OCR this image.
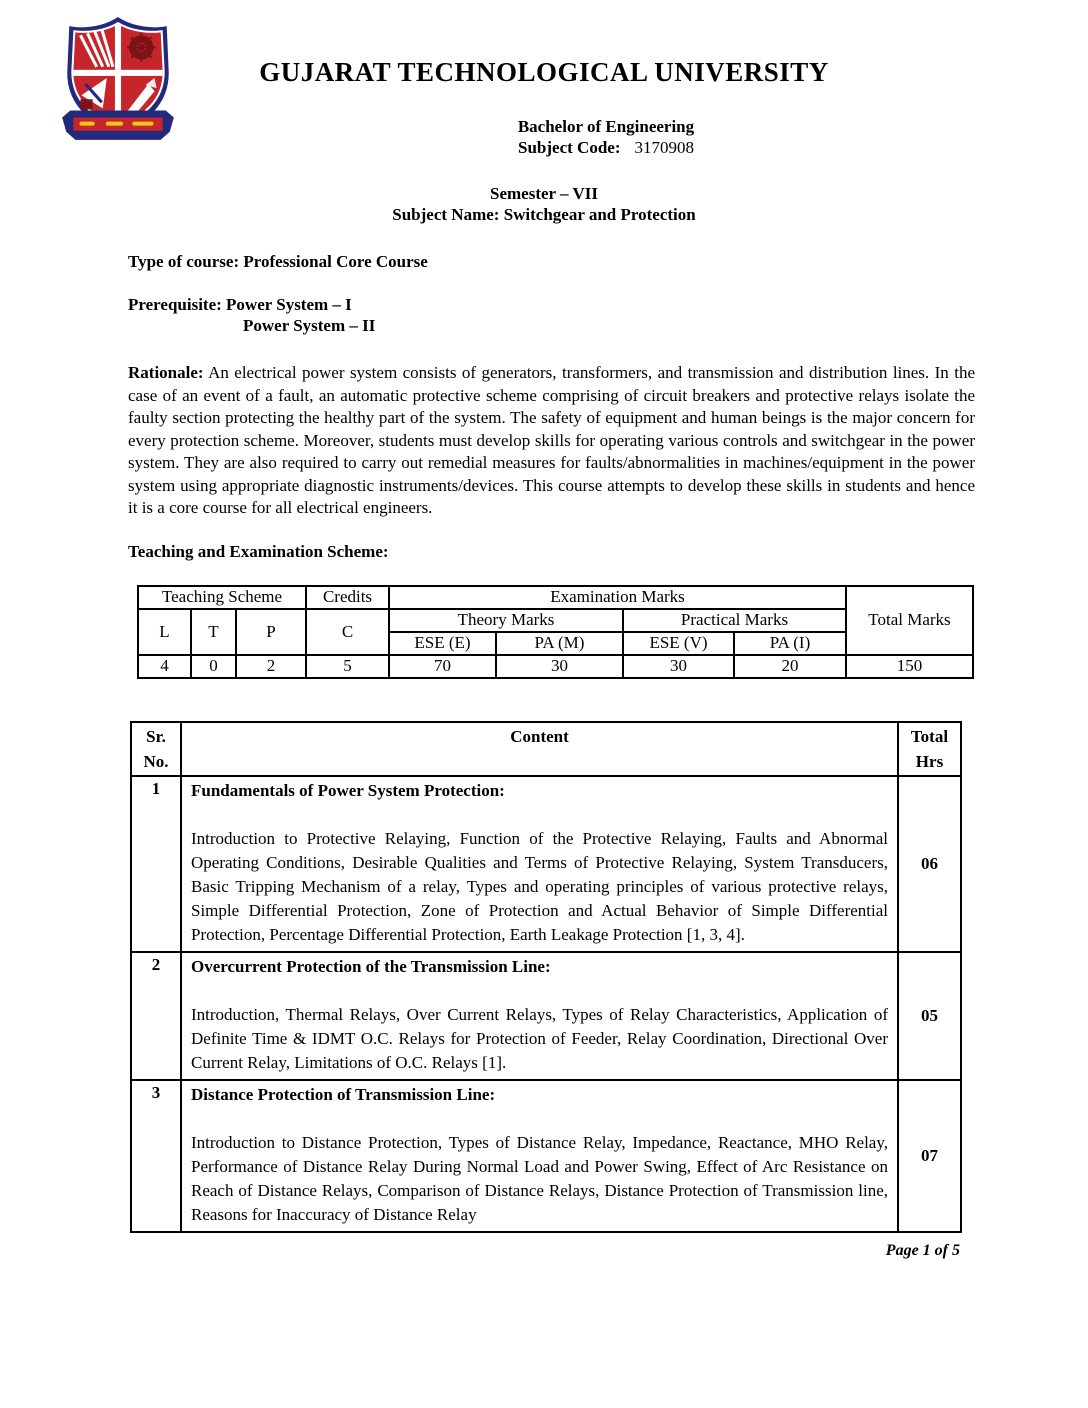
GUJARAT TECHNOLOGICAL UNIVERSITY
Bachelor of Engineering
Subject Code: 3170908
Semester – VII
Subject Name: Switchgear and Protection
Type of course: Professional Core Course
Prerequisite: Power System – I
Power System – II

Rationale: An electrical power system consists of generators, transformers, and transmission and distribution lines. In the case of an event of a fault, an automatic protective scheme comprising of circuit breakers and protective relays isolate the faulty section protecting the healthy part of the system. The safety of equipment and human beings is the major concern for every protection scheme. Moreover, students must develop skills for operating various controls and switchgear in the power system. They are also required to carry out remedial measures for faults/abnormalities in machines/equipment in the power system using appropriate diagnostic instruments/devices. This course attempts to develop these skills in students and hence it is a core course for all electrical engineers.

Teaching and Examination Scheme:
Teaching Scheme			Credits	Examination Marks				Total Marks
L	T	P	C	Theory Marks		Practical Marks		
				ESE (E)	PA (M)	ESE (V)	PA (I)	
4	0	2	5	70	30	30	20	150
Sr.
No.
	Content	Total
Hrs

1	Fundamentals of Power System Protection:
Introduction to Protective Relaying, Function of the Protective Relaying, Faults and Abnormal Operating Conditions, Desirable Qualities and Terms of Protective Relaying, System Transducers, Basic Tripping Mechanism of a relay, Types and operating principles of various protective relays, Simple Differential Protection, Zone of Protection and Actual Behavior of Simple Differential Protection, Percentage Differential Protection, Earth Leakage Protection [1, 3, 4].	06
2	Overcurrent Protection of the Transmission Line:
Introduction, Thermal Relays, Over Current Relays, Types of Relay Characteristics, Application of Definite Time & IDMT O.C. Relays for Protection of Feeder, Relay Coordination, Directional Over Current Relay, Limitations of O.C. Relays [1].	05
3	Distance Protection of Transmission Line:
Introduction to Distance Protection, Types of Distance Relay, Impedance, Reactance, MHO Relay, Performance of Distance Relay During Normal Load and Power Swing, Effect of Arc Resistance on Reach of Distance Relays, Comparison of Distance Relays, Distance Protection of Transmission line, Reasons for Inaccuracy of Distance Relay	07
Page 1 of 5
